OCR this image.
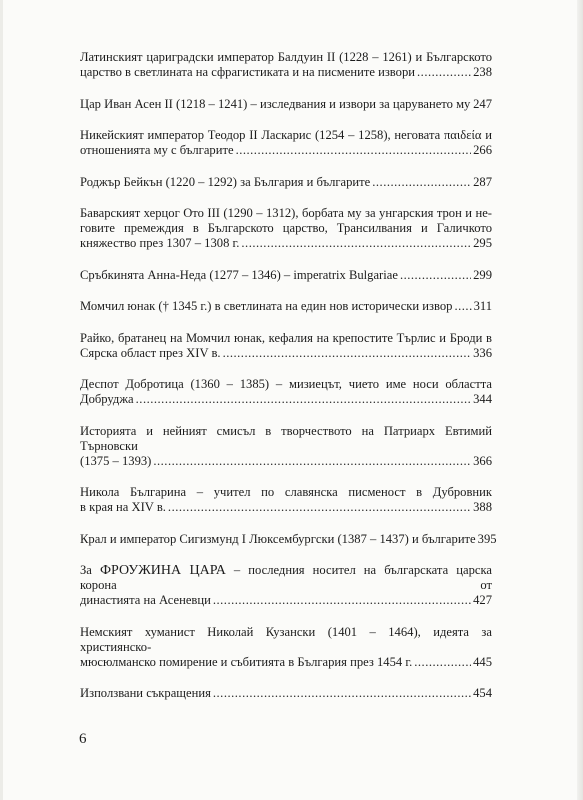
Латинският цариградски император Балдуин II (1228 – 1261) и Българското
царство в светлината на сфрагистиката и на писмените извори .....	238
Цар Иван Асен II (1218 – 1241) – изследвания и извори за царуването му ..... 247
Никейският император Теодор II Ласкарис (1254 – 1258), неговата παιδεία и
отношенията му с българите .....	266
Роджър Бейкън (1220 – 1292) за България и българите .....	287
Баварският херцог Ото III (1290 – 1312), борбата му за унгарския трон и не-
говите премеждия в Българското царство, Трансилвания и Галичкото
княжество през 1307 – 1308 г. .....	295
Сръбкинята Анна-Неда (1277 – 1346) – imperatrix Bulgariae .....	299
Момчил юнак († 1345 г.) в светлината на един нов исторически извор ..... 311
Райко, братанец на Момчил юнак, кефалия на крепостите Търлис и Броди в
Сярска област през XIV в. .....	336
Деспот Добротица (1360 – 1385) – мизиецът, чието име носи областта
Добруджа .....	344
Историята и нейният смисъл в творчеството на Патриарх Евтимий Търновски
(1375 – 1393) .....	366
Никола Българина – учител по славянска писменост в Дубровник
в края на XIV в. .....	388
Крал и император Сигизмунд I Люксембургски (1387 – 1437) и българите 395
За ФРОУЖИНА ЦАРА – последния носител на българската царска корона от
династията на Асеневци .....	427
Немският хуманист Николай Кузански (1401 – 1464), идеята за християнско-
мюсюлманско помирение и събитията в България през 1454 г. .....	445
Използвани съкращения .....	454
6
